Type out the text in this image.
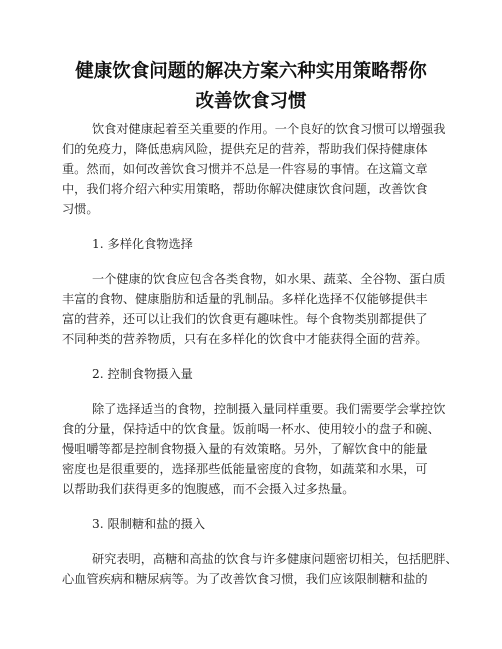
健康饮食问题的解决方案六种实用策略帮你
改善饮食习惯

饮食对健康起着至关重要的作用。一个良好的饮食习惯可以增强我

们的免疫力，降低患病风险，提供充足的营养，帮助我们保持健康体

重。然而，如何改善饮食习惯并不总是一件容易的事情。在这篇文章

中，我们将介绍六种实用策略，帮助你解决健康饮食问题，改善饮食

习惯。

1. 多样化食物选择

一个健康的饮食应包含各类食物，如水果、蔬菜、全谷物、蛋白质

丰富的食物、健康脂肪和适量的乳制品。多样化选择不仅能够提供丰

富的营养，还可以让我们的饮食更有趣味性。每个食物类别都提供了

不同种类的营养物质，只有在多样化的饮食中才能获得全面的营养。

2. 控制食物摄入量

除了选择适当的食物，控制摄入量同样重要。我们需要学会掌控饮

食的分量，保持适中的饮食量。饭前喝一杯水、使用较小的盘子和碗、

慢咀嚼等都是控制食物摄入量的有效策略。另外，了解饮食中的能量

密度也是很重要的，选择那些低能量密度的食物，如蔬菜和水果，可

以帮助我们获得更多的饱腹感，而不会摄入过多热量。

3. 限制糖和盐的摄入

研究表明，高糖和高盐的饮食与许多健康问题密切相关，包括肥胖、

心血管疾病和糖尿病等。为了改善饮食习惯，我们应该限制糖和盐的
